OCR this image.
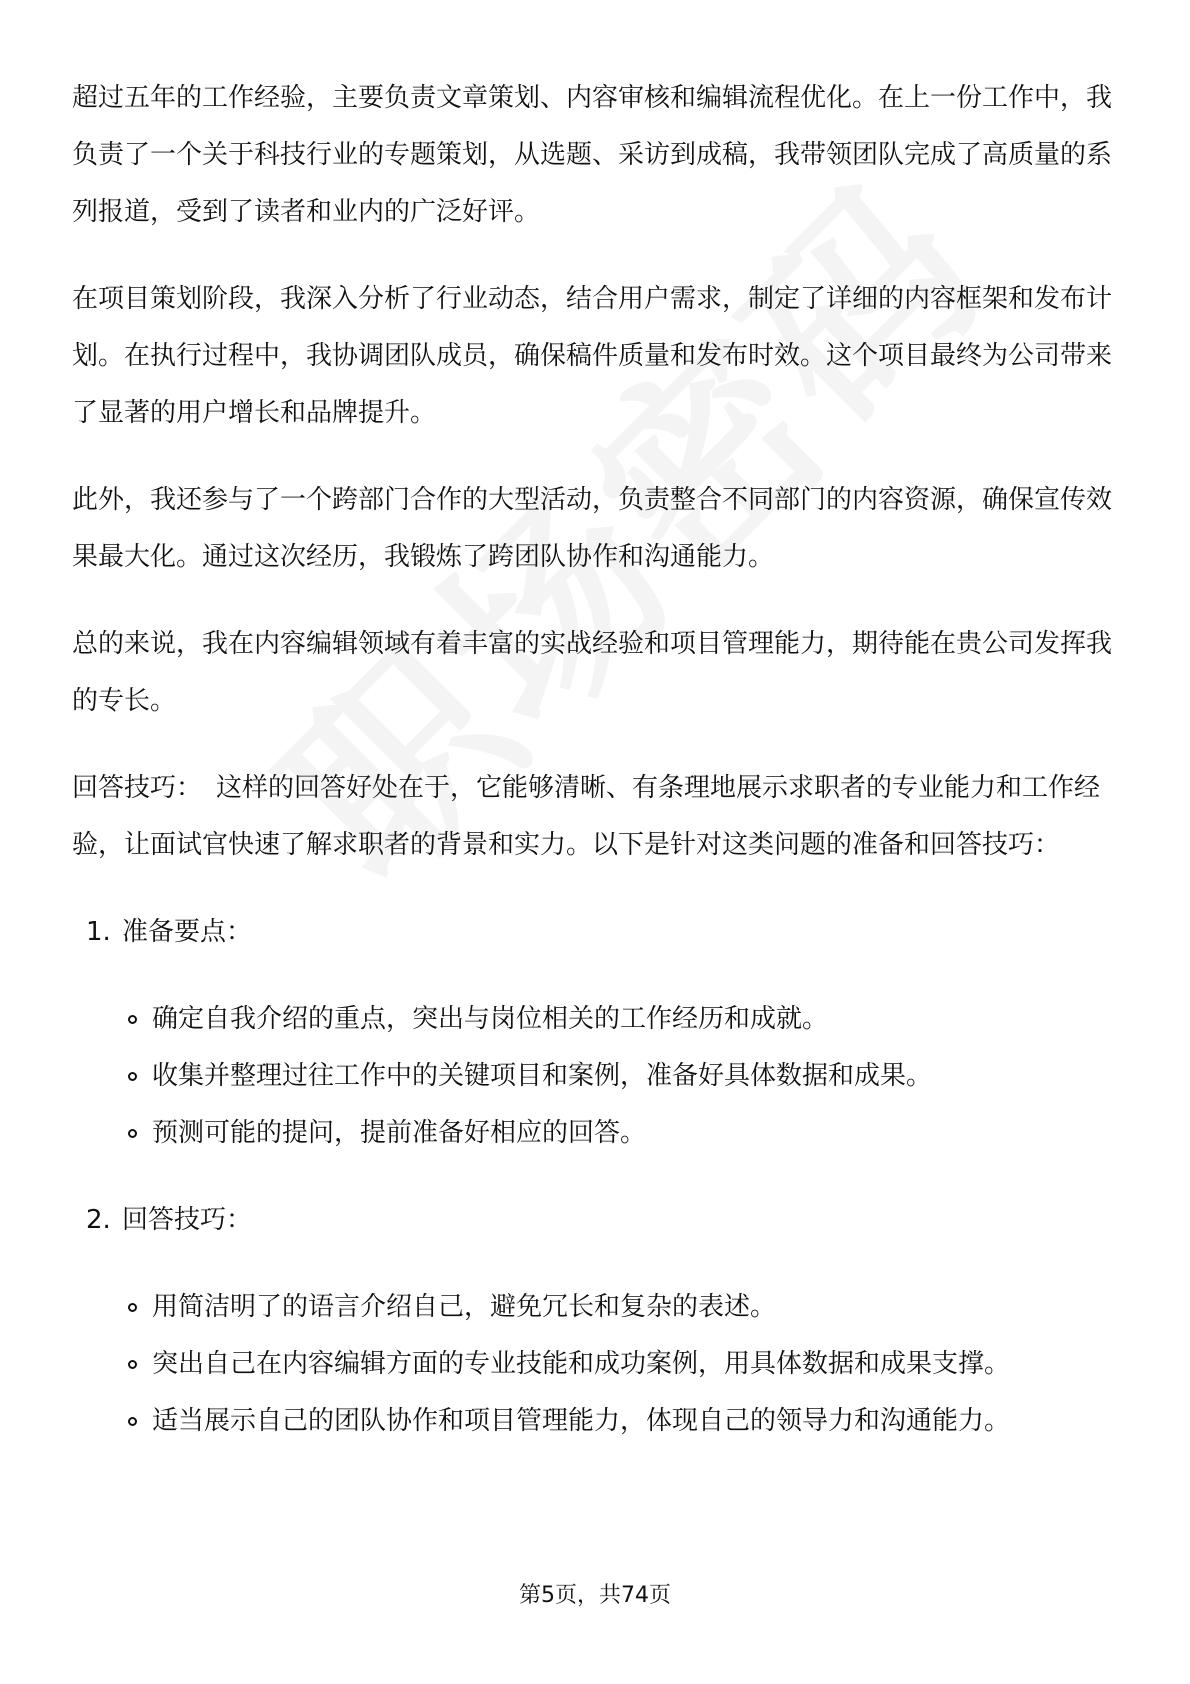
超过五年的工作经验，主要负责文章策划、内容审核和编辑流程优化。在上一份工作中，我负责了一个关于科技行业的专题策划，从选题、采访到成稿，我带领团队完成了高质量的系列报道，受到了读者和业内的广泛好评。

在项目策划阶段，我深入分析了行业动态，结合用户需求，制定了详细的内容框架和发布计划。在执行过程中，我协调团队成员，确保稿件质量和发布时效。这个项目最终为公司带来了显著的用户增长和品牌提升。

此外，我还参与了一个跨部门合作的大型活动，负责整合不同部门的内容资源，确保宣传效果最大化。通过这次经历，我锻炼了跨团队协作和沟通能力。

总的来说，我在内容编辑领域有着丰富的实战经验和项目管理能力，期待能在贵公司发挥我的专长。

回答技巧： 这样的回答好处在于，它能够清晰、有条理地展示求职者的专业能力和工作经验，让面试官快速了解求职者的背景和实力。以下是针对这类问题的准备和回答技巧：

1. 准备要点：
确定自我介绍的重点，突出与岗位相关的工作经历和成就。
收集并整理过往工作中的关键项目和案例，准备好具体数据和成果。
预测可能的提问，提前准备好相应的回答。
2. 回答技巧：
用简洁明了的语言介绍自己，避免冗长和复杂的表述。
突出自己在内容编辑方面的专业技能和成功案例，用具体数据和成果支撑。
适当展示自己的团队协作和项目管理能力，体现自己的领导力和沟通能力。
第5页，共74页
